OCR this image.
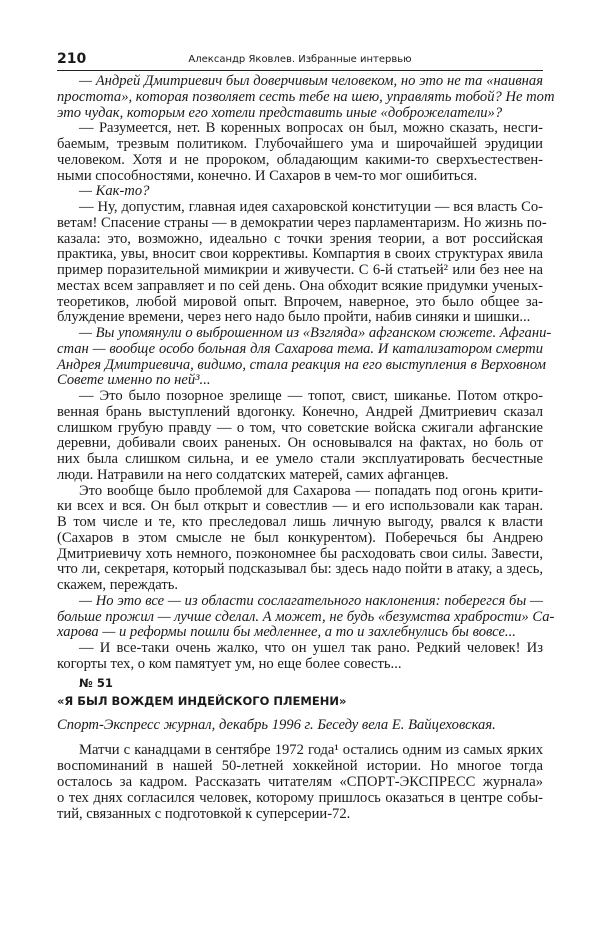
210	Александр Яковлев. Избранные интервью
— Андрей Дмитриевич был доверчивым человеком, но это не та «наивная
простота», которая позволяет сесть тебе на шею, управлять тобой? Не тот
это чудак, которым его хотели представить иные «доброжелатели»?
— Разумеется, нет. В коренных вопросах он был, можно сказать, несги-
баемым, трезвым политиком. Глубочайшего ума и широчайшей эрудиции
человеком. Хотя и не пророком, обладающим какими-то сверхъестествен-
ными способностями, конечно. И Сахаров в чем-то мог ошибиться.
— Как-то?
— Ну, допустим, главная идея сахаровской конституции — вся власть Со-
ветам! Спасение страны — в демократии через парламентаризм. Но жизнь по-
казала: это, возможно, идеально с точки зрения теории, а вот российская
практика, увы, вносит свои коррективы. Компартия в своих структурах явила
пример поразительной мимикрии и живучести. С 6-й статьей² или без нее на
местах всем заправляет и по сей день. Она обходит всякие придумки ученых-
теоретиков, любой мировой опыт. Впрочем, наверное, это было общее за-
блуждение времени, через него надо было пройти, набив синяки и шишки...
— Вы упомянули о выброшенном из «Взгляда» афганском сюжете. Афгани-
стан — вообще особо больная для Сахарова тема. И катализатором смерти
Андрея Дмитриевича, видимо, стала реакция на его выступления в Верховном
Совете именно по ней³...
— Это было позорное зрелище — топот, свист, шиканье. Потом откро-
венная брань выступлений вдогонку. Конечно, Андрей Дмитриевич сказал
слишком грубую правду — о том, что советские войска сжигали афганские
деревни, добивали своих раненых. Он основывался на фактах, но боль от
них была слишком сильна, и ее умело стали эксплуатировать бесчестные
люди. Натравили на него солдатских матерей, самих афганцев.
Это вообще было проблемой для Сахарова — попадать под огонь крити-
ки всех и вся. Он был открыт и совестлив — и его использовали как таран.
В том числе и те, кто преследовал лишь личную выгоду, рвался к власти
(Сахаров в этом смысле не был конкурентом). Поберечься бы Андрею
Дмитриевичу хоть немного, поэкономнее бы расходовать свои силы. Завести,
что ли, секретаря, который подсказывал бы: здесь надо пойти в атаку, а здесь,
скажем, переждать.
— Но это все — из области сослагательного наклонения: поберегся бы —
больше прожил — лучше сделал. А может, не будь «безумства храбрости» Са-
харова — и реформы пошли бы медленнее, а то и захлебнулись бы вовсе...
— И все-таки очень жалко, что он ушел так рано. Редкий человек! Из
когорты тех, о ком памятует ум, но еще более совесть...
№ 51
«Я БЫЛ ВОЖДЕМ ИНДЕЙСКОГО ПЛЕМЕНИ»
Спорт-Экспресс журнал, декабрь 1996 г. Беседу вела Е. Вайцеховская.
Матчи с канадцами в сентябре 1972 года¹ остались одним из самых ярких
воспоминаний в нашей 50-летней хоккейной истории. Но многое тогда
осталось за кадром. Рассказать читателям «СПОРТ-ЭКСПРЕСС журнала»
о тех днях согласился человек, которому пришлось оказаться в центре собы-
тий, связанных с подготовкой к суперсерии-72.
